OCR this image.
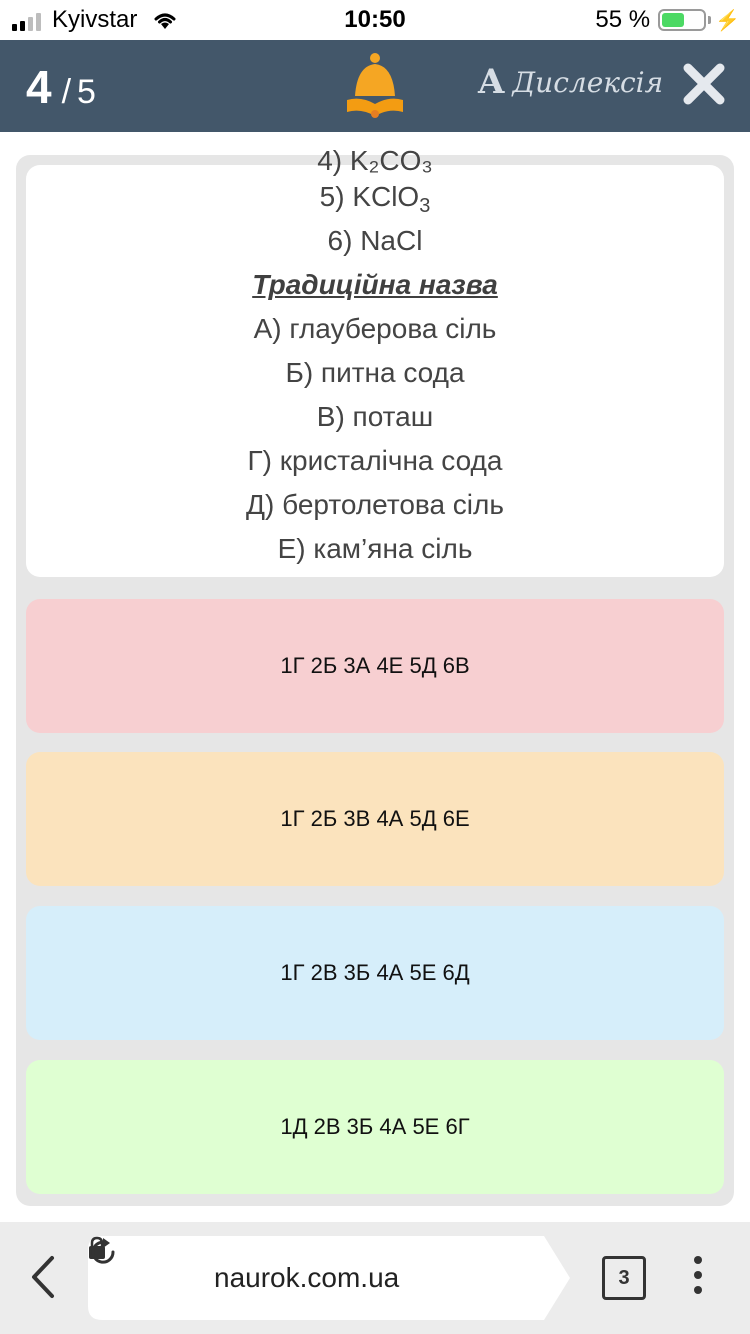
Kyivstar	10:50	55 %	⚡
4 / 5	A Дислексія
4) K₂CO₃
5) KClO$_3$
6) NaCl
Традиційна назва
А) глауберова сіль
Б) питна сода
В) поташ
Г) кристалічна сода
Д) бертолетова сіль
Е) кам’яна сіль
1Г 2Б 3А 4Е 5Д 6В
1Г 2Б 3В 4А 5Д 6Е
1Г 2В 3Б 4А 5Е 6Д
1Д 2В 3Б 4А 5Е 6Г
naurok.com.ua	3
